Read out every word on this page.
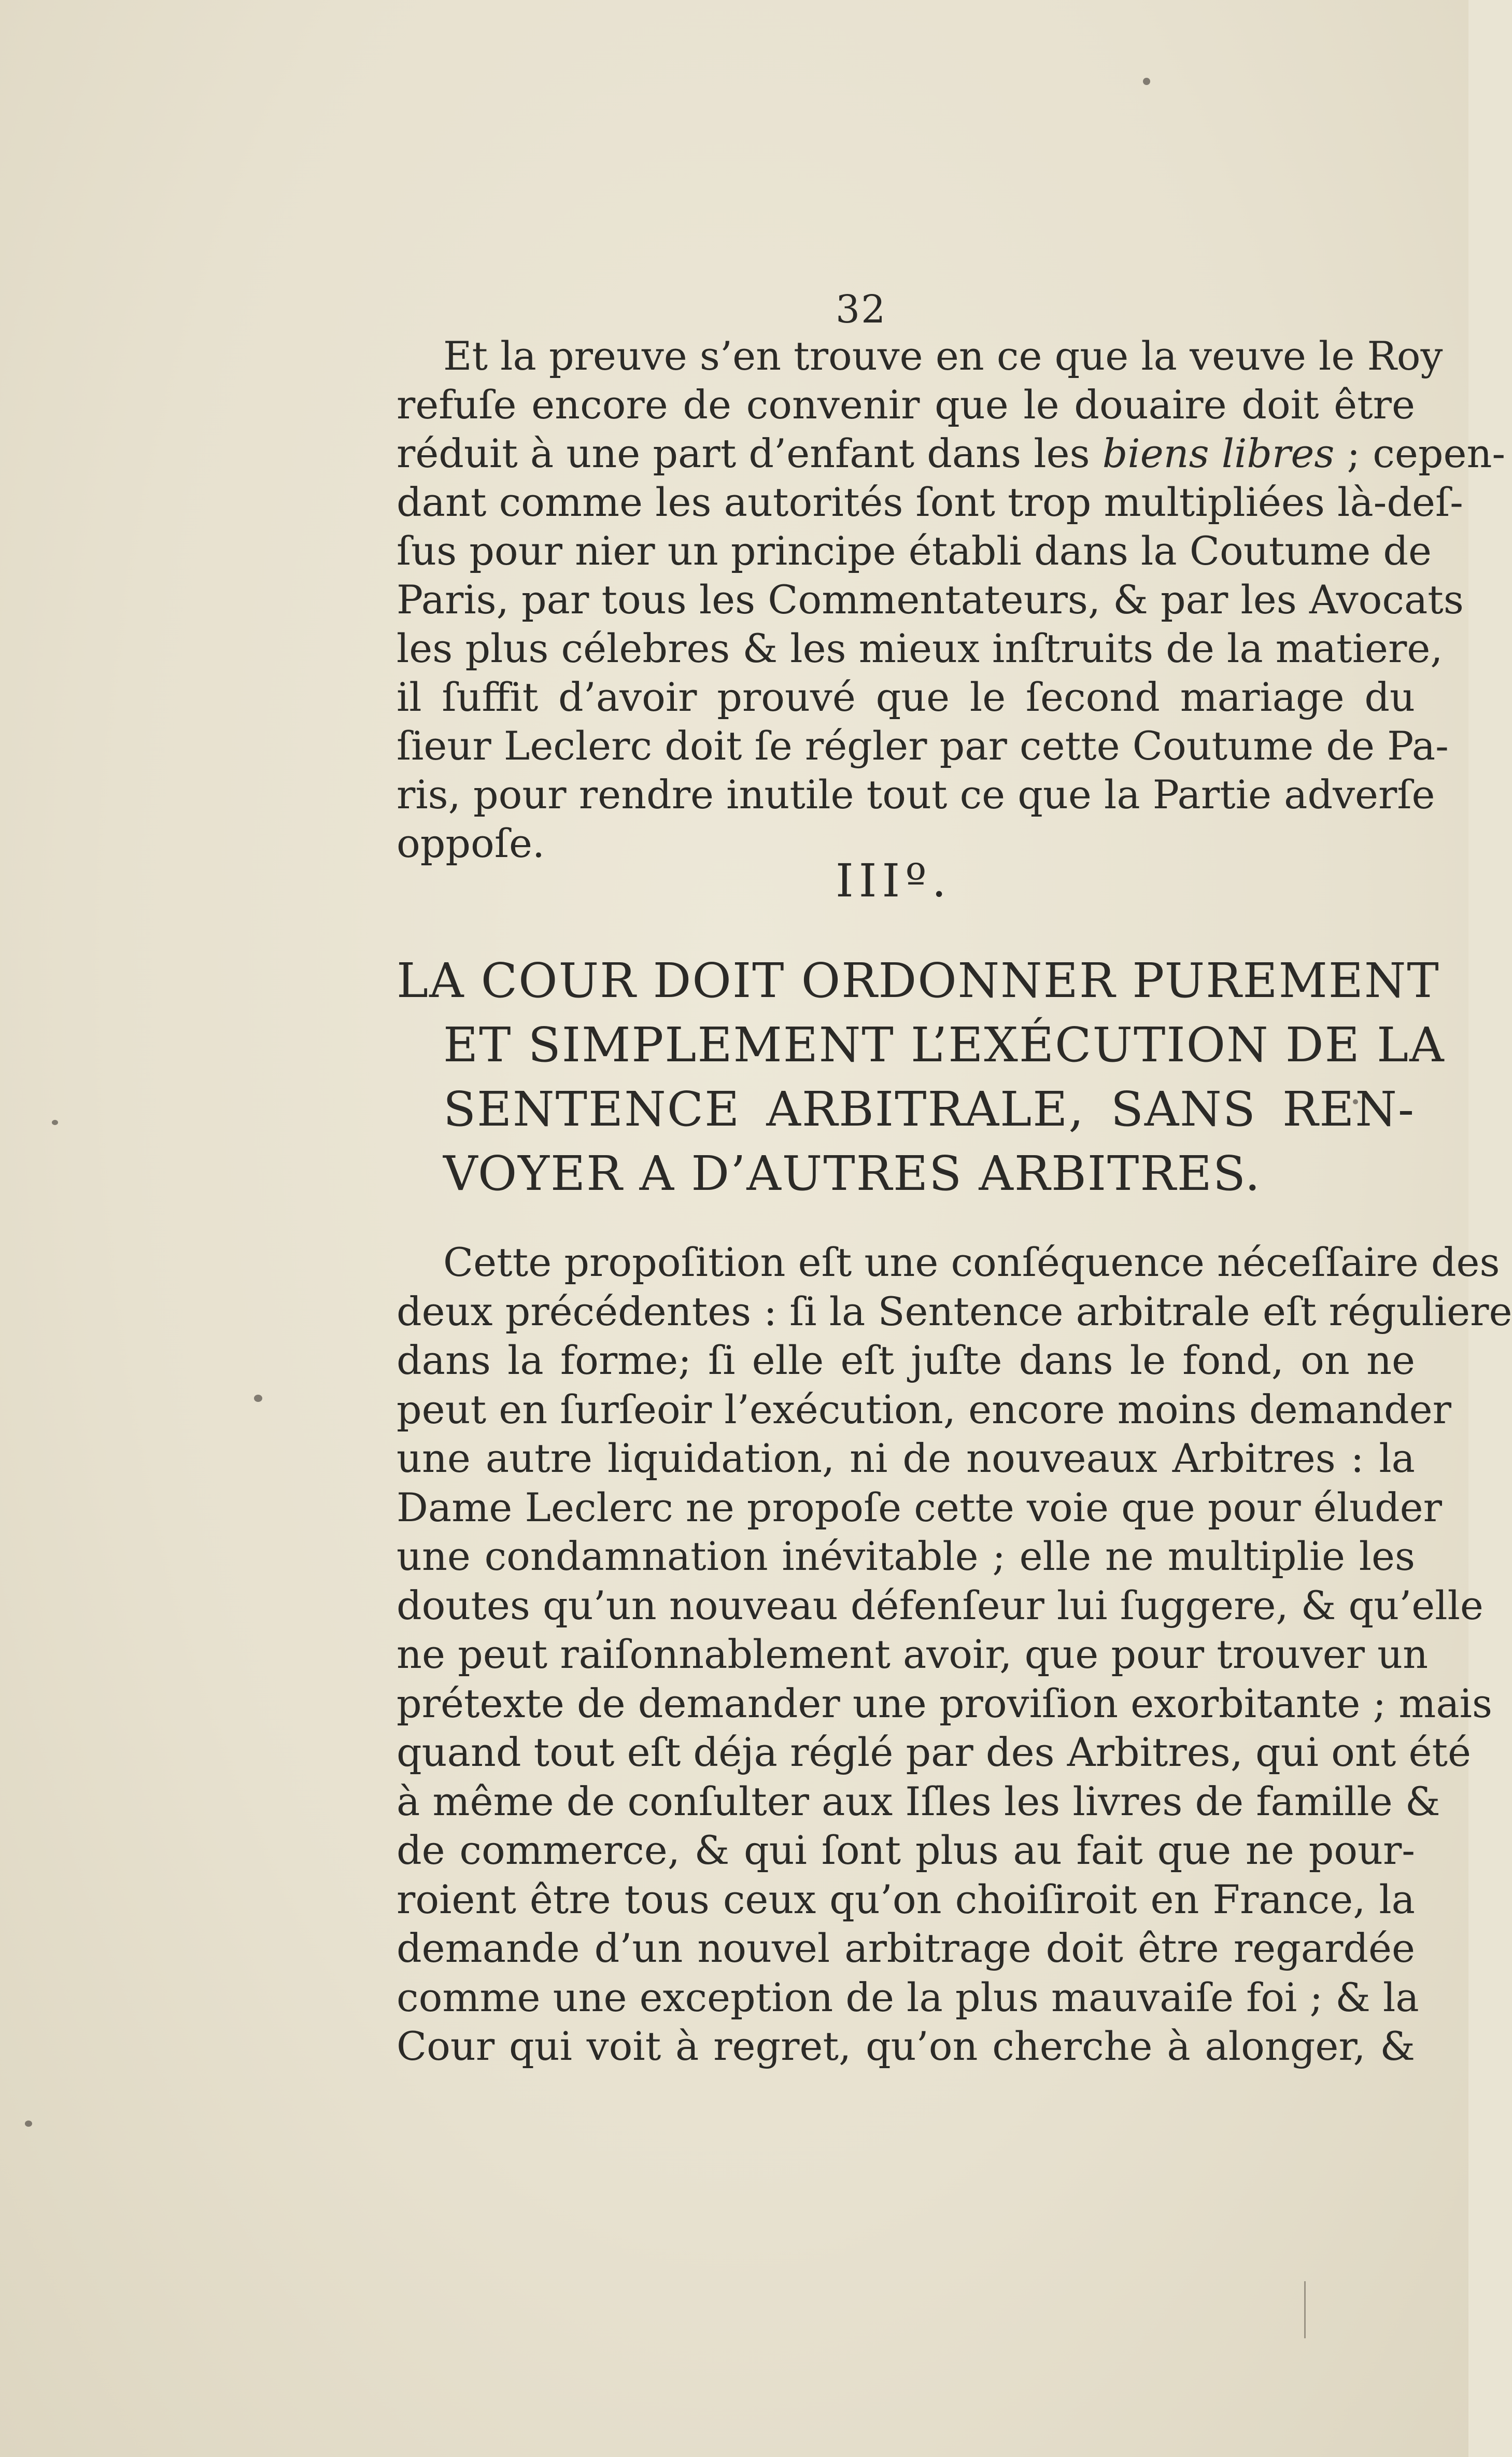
32
Et la preuve s’en trouve en ce que la veuve le Roy
refuſe encore de convenir que le douaire doit être
réduit à une part d’enfant dans les biens libres ; cepen-
dant comme les autorités ſont trop multipliées là-deſ-
ſus pour nier un principe établi dans la Coutume de
Paris, par tous les Commentateurs, & par les Avocats
les plus célebres & les mieux inſtruits de la matiere,
il ſuffit d’avoir prouvé que le ſecond mariage du
ſieur Leclerc doit ſe régler par cette Coutume de Pa-
ris, pour rendre inutile tout ce que la Partie adverſe
oppoſe.
IIIº.
LA COUR DOIT ORDONNER PUREMENT
ET SIMPLEMENT L’EXÉCUTION DE LA
SENTENCE ARBITRALE, SANS REN-
VOYER A D’AUTRES ARBITRES.
Cette propoſition eſt une conſéquence néceſſaire des
deux précédentes : ſi la Sentence arbitrale eſt réguliere
dans la forme; ſi elle eſt juſte dans le fond, on ne
peut en ſurſeoir l’exécution, encore moins demander
une autre liquidation, ni de nouveaux Arbitres : la
Dame Leclerc ne propoſe cette voie que pour éluder
une condamnation inévitable ; elle ne multiplie les
doutes qu’un nouveau défenſeur lui ſuggere, & qu’elle
ne peut raiſonnablement avoir, que pour trouver un
prétexte de demander une proviſion exorbitante ; mais
quand tout eſt déja réglé par des Arbitres, qui ont été
à même de conſulter aux Iſles les livres de famille &
de commerce, & qui ſont plus au fait que ne pour-
roient être tous ceux qu’on choiſiroit en France, la
demande d’un nouvel arbitrage doit être regardée
comme une exception de la plus mauvaiſe foi ; & la
Cour qui voit à regret, qu’on cherche à alonger, &
